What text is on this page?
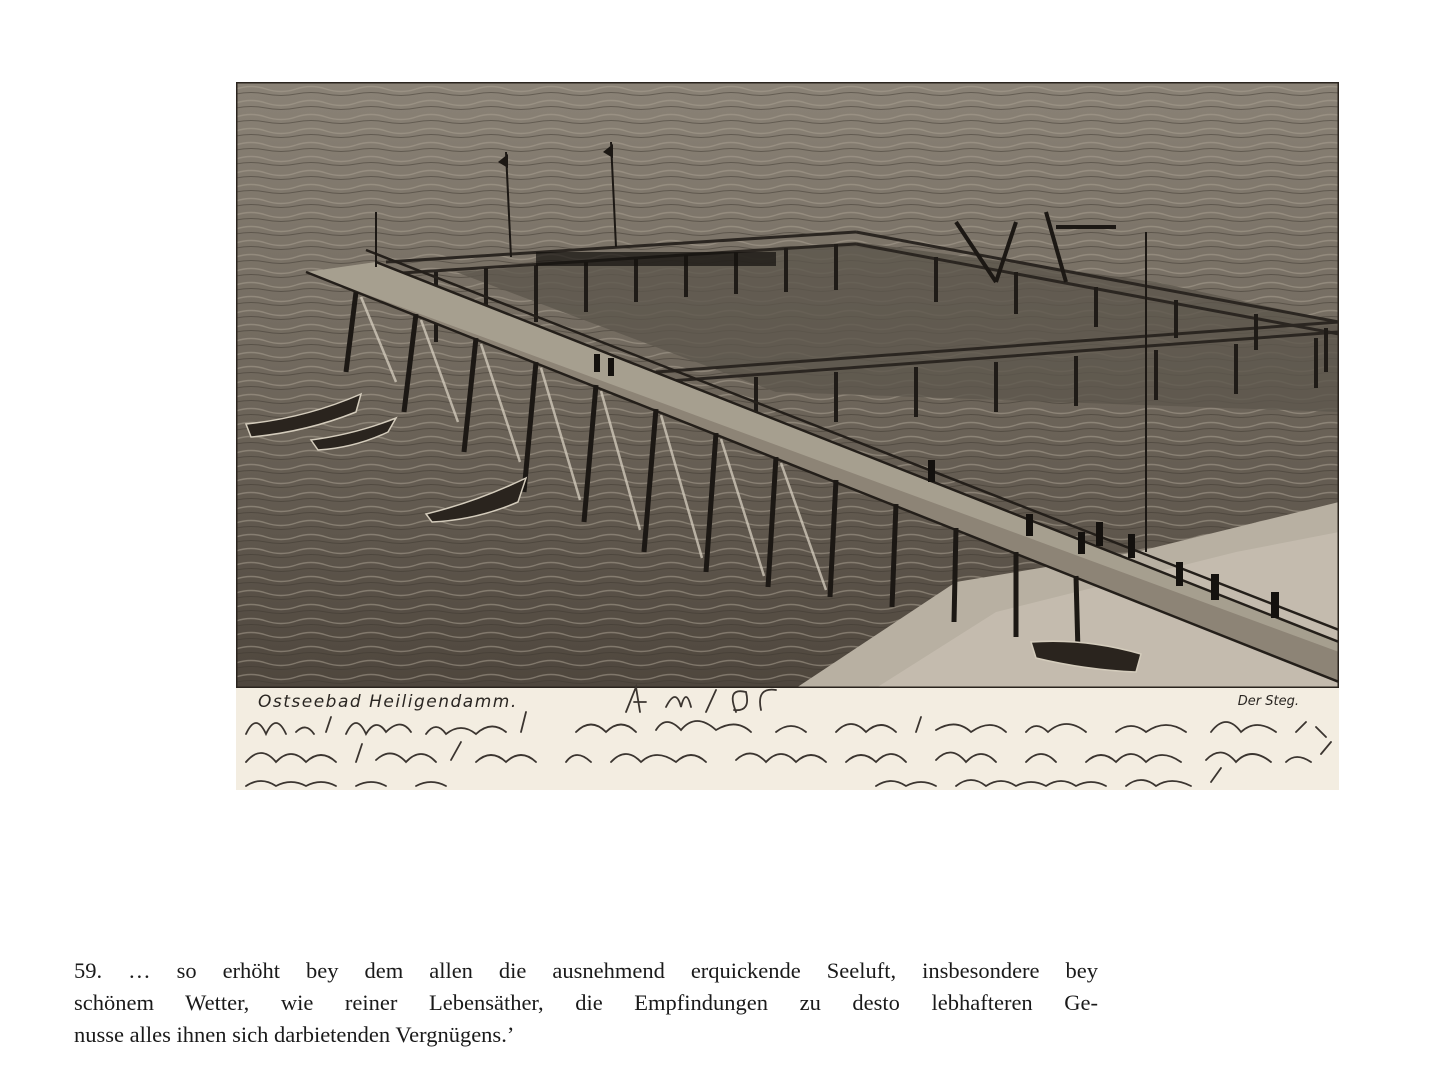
Ostseebad Heiligendamm.	Der Steg.
59. … so erhöht bey dem allen die ausnehmend erquickende Seeluft, insbesondere bey
schönem Wetter, wie reiner Lebensäther, die Empfindungen zu desto lebhafteren Ge-
nusse alles ihnen sich darbietenden Vergnügens.’
